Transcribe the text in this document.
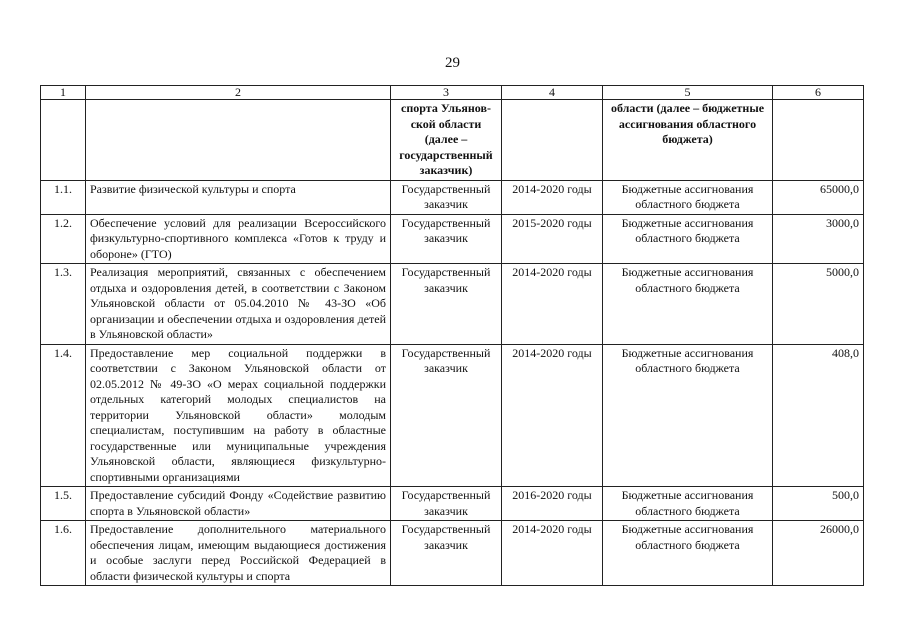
29
1	2	3	4	5	6
		спорта Ульянов-ской области (далее – государственный заказчик)		области (далее – бюджетные ассигнования областного бюджета)	
1.1.	Развитие физической культуры и спорта	Государственный заказчик	2014-2020 годы	Бюджетные ассигнования областного бюджета	65000,0
1.2.	Обеспечение условий для реализации Всероссийского физкультурно-спортивного комплекса «Готов к труду и обороне» (ГТО)	Государственный заказчик	2015-2020 годы	Бюджетные ассигнования областного бюджета	3000,0
1.3.	Реализация мероприятий, связанных с обеспечением отдыха и оздоровления детей, в соответствии с Законом Ульяновской области от 05.04.2010 № 43-ЗО «Об организации и обеспечении отдыха и оздоровления детей в Ульяновской области»	Государственный заказчик	2014-2020 годы	Бюджетные ассигнования областного бюджета	5000,0
1.4.	Предоставление мер социальной поддержки в соответствии с Законом Ульяновской области от 02.05.2012 № 49-ЗО «О мерах социальной поддержки отдельных категорий молодых специалистов на территории Ульяновской области» молодым специалистам, поступившим на работу в областные государственные или муниципальные учреждения Ульяновской области, являющиеся физкультурно-спортивными организациями	Государственный заказчик	2014-2020 годы	Бюджетные ассигнования областного бюджета	408,0
1.5.	Предоставление субсидий Фонду «Содействие развитию спорта в Ульяновской области»	Государственный заказчик	2016-2020 годы	Бюджетные ассигнования областного бюджета	500,0
1.6.	Предоставление дополнительного материального обеспечения лицам, имеющим выдающиеся достижения и особые заслуги перед Российской Федерацией в области физической культуры и спорта	Государственный заказчик	2014-2020 годы	Бюджетные ассигнования областного бюджета	26000,0
